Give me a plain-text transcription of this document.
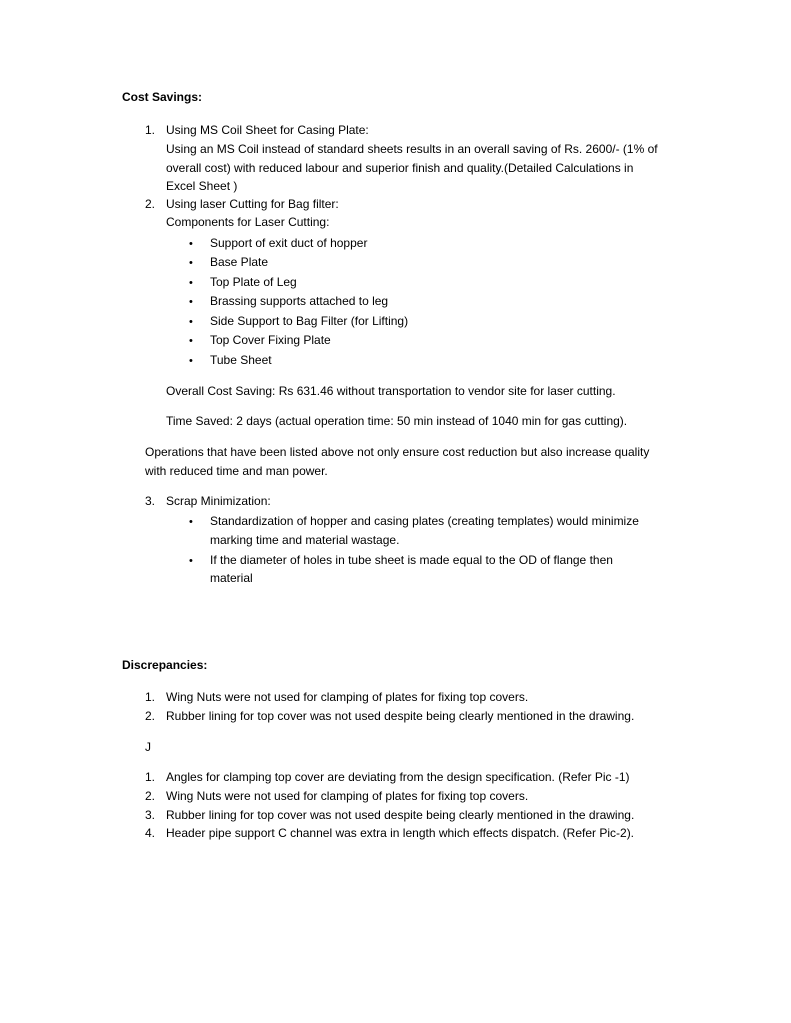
Cost Savings:
1. Using MS Coil Sheet for Casing Plate:
Using an MS Coil instead of standard sheets results in an overall saving of Rs. 2600/- (1% of
overall cost) with reduced labour and superior finish and quality.(Detailed Calculations in
Excel Sheet )
2. Using laser Cutting for Bag filter:
Components for Laser Cutting:
• Support of exit duct of hopper
• Base Plate
• Top Plate of Leg
• Brassing supports attached to leg
• Side Support to Bag Filter (for Lifting)
• Top Cover Fixing Plate
• Tube Sheet
Overall Cost Saving: Rs 631.46 without transportation to vendor site for laser cutting.
Time Saved: 2 days (actual operation time: 50 min instead of 1040 min for gas cutting).
Operations that have been listed above not only ensure cost reduction but also increase quality
with reduced time and man power.
3. Scrap Minimization:
• Standardization of hopper and casing plates (creating templates) would minimize
marking time and material wastage.
• If the diameter of holes in tube sheet is made equal to the OD of flange then
material
Discrepancies:
1. Wing Nuts were not used for clamping of plates for fixing top covers.
2. Rubber lining for top cover was not used despite being clearly mentioned in the drawing.
J
1. Angles for clamping top cover are deviating from the design specification. (Refer Pic -1)
2. Wing Nuts were not used for clamping of plates for fixing top covers.
3. Rubber lining for top cover was not used despite being clearly mentioned in the drawing.
4. Header pipe support C channel was extra in length which effects dispatch. (Refer Pic-2).
